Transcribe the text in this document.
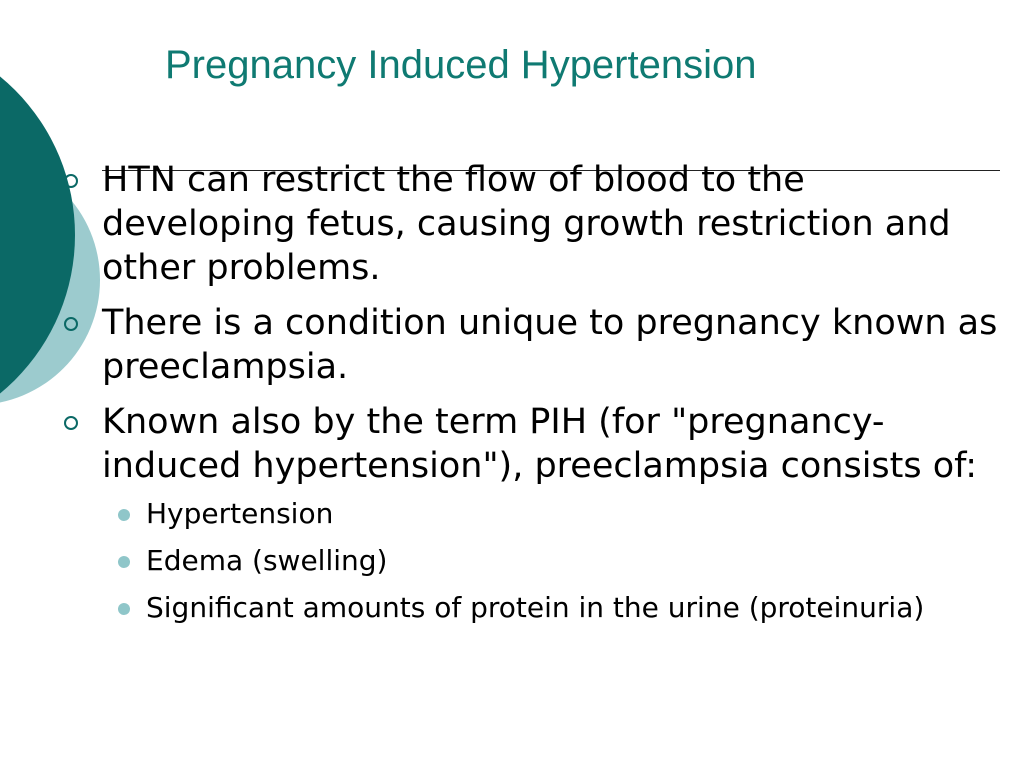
Pregnancy Induced Hypertension
HTN can restrict the flow of blood to the developing fetus, causing growth restriction and other problems.
There is a condition unique to pregnancy known as preeclampsia.
Known also by the term PIH (for "pregnancy-induced hypertension"), preeclampsia consists of:
Hypertension
Edema (swelling)
Significant amounts of protein in the urine (proteinuria)
